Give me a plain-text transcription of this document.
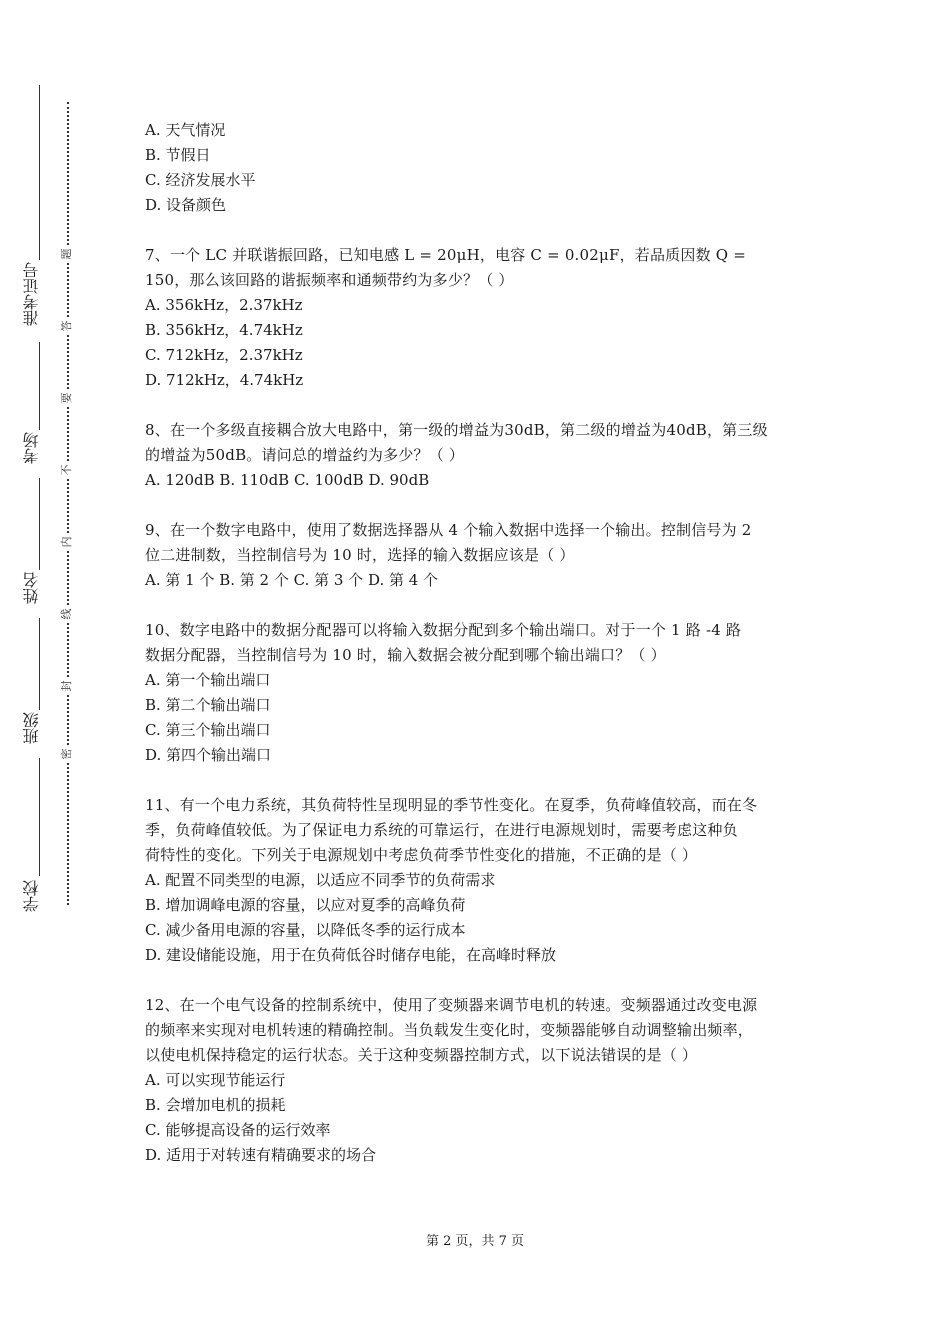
准考证号
考场
姓名
班级
学校
题
答
要
不
内
线
封
密
A. 天气情况
B. 节假日
C. 经济发展水平
D. 设备颜色
7、一个 LC 并联谐振回路，已知电感 L = 20μH，电容 C = 0.02μF，若品质因数 Q =
150，那么该回路的谐振频率和通频带约为多少？（ ）
A. 356kHz，2.37kHz
B. 356kHz，4.74kHz
C. 712kHz，2.37kHz
D. 712kHz，4.74kHz
8、在一个多级直接耦合放大电路中，第一级的增益为30dB，第二级的增益为40dB，第三级
的增益为50dB。请问总的增益约为多少？（ ）
A. 120dB B. 110dB C. 100dB D. 90dB
9、在一个数字电路中，使用了数据选择器从 4 个输入数据中选择一个输出。控制信号为 2
位二进制数，当控制信号为 10 时，选择的输入数据应该是（ ）
A. 第 1 个 B. 第 2 个 C. 第 3 个 D. 第 4 个
10、数字电路中的数据分配器可以将输入数据分配到多个输出端口。对于一个 1 路 -4 路
数据分配器，当控制信号为 10 时，输入数据会被分配到哪个输出端口？（ ）
A. 第一个输出端口
B. 第二个输出端口
C. 第三个输出端口
D. 第四个输出端口
11、有一个电力系统，其负荷特性呈现明显的季节性变化。在夏季，负荷峰值较高，而在冬
季，负荷峰值较低。为了保证电力系统的可靠运行，在进行电源规划时，需要考虑这种负
荷特性的变化。下列关于电源规划中考虑负荷季节性变化的措施，不正确的是（ ）
A. 配置不同类型的电源，以适应不同季节的负荷需求
B. 增加调峰电源的容量，以应对夏季的高峰负荷
C. 减少备用电源的容量，以降低冬季的运行成本
D. 建设储能设施，用于在负荷低谷时储存电能，在高峰时释放
12、在一个电气设备的控制系统中，使用了变频器来调节电机的转速。变频器通过改变电源
的频率来实现对电机转速的精确控制。当负载发生变化时，变频器能够自动调整输出频率，
以使电机保持稳定的运行状态。关于这种变频器控制方式，以下说法错误的是（ ）
A. 可以实现节能运行
B. 会增加电机的损耗
C. 能够提高设备的运行效率
D. 适用于对转速有精确要求的场合
第 2 页，共 7 页
